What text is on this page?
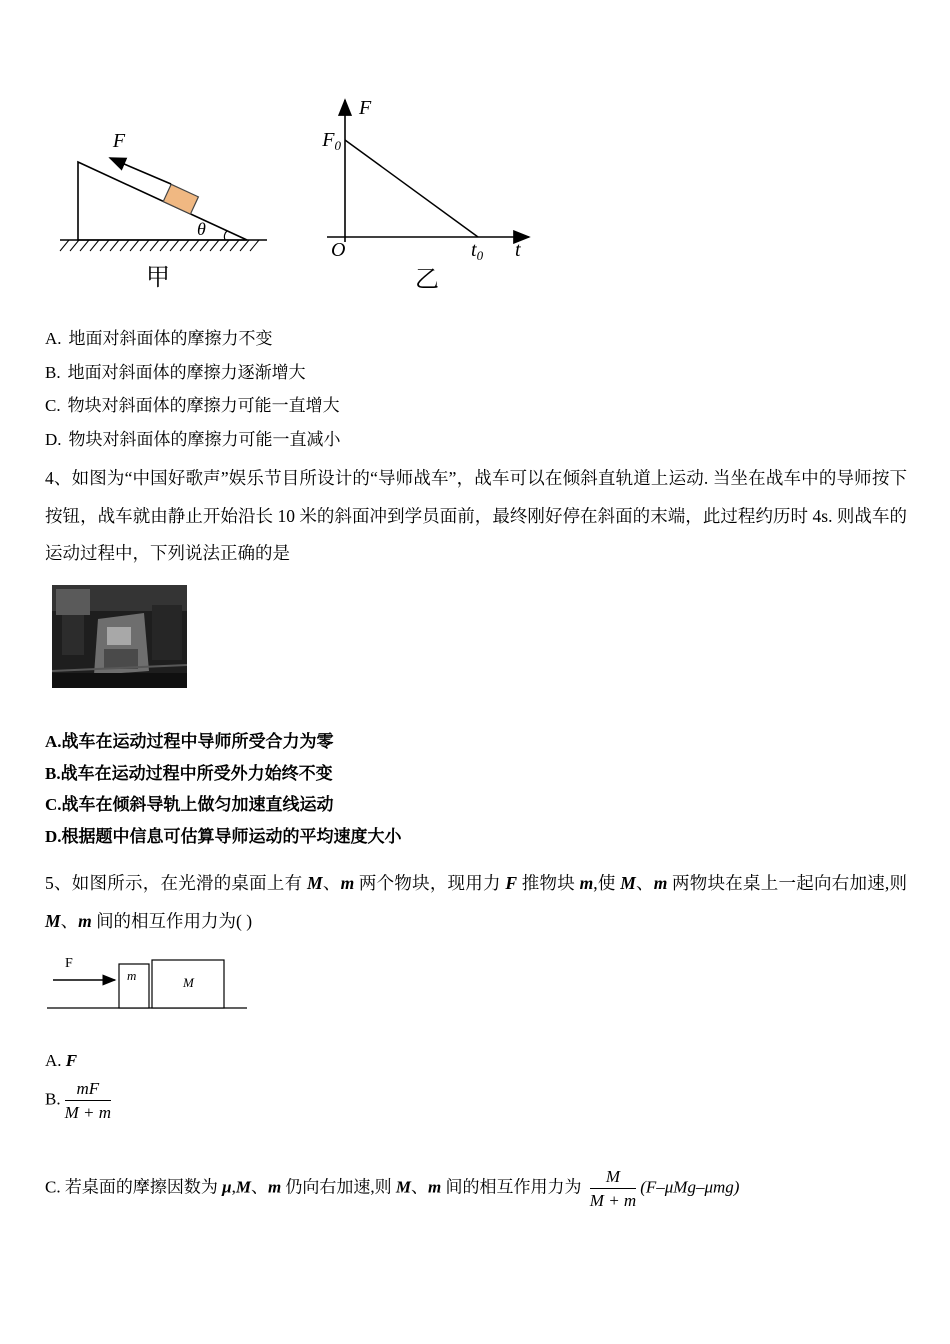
F
θ
甲
F
$F_0$
O	$t_0$ t
乙
A. 地面对斜面体的摩擦力不变
B. 地面对斜面体的摩擦力逐渐增大
C. 物块对斜面体的摩擦力可能一直增大
D. 物块对斜面体的摩擦力可能一直减小
4、如图为“中国好歌声”娱乐节目所设计的“导师战车”，战车可以在倾斜直轨道上运动. 当坐在战车中的导师按下按钮，战车就由静止开始沿长 10 米的斜面冲到学员面前，最终刚好停在斜面的末端，此过程约历时 4s. 则战车的运动过程中，下列说法正确的是
A.战车在运动过程中导师所受合力为零
B.战车在运动过程中所受外力始终不变
C.战车在倾斜导轨上做匀加速直线运动
D.根据题中信息可估算导师运动的平均速度大小
5、如图所示，在光滑的桌面上有 M、m 两个物块，现用力 F 推物块 m,使 M、m 两物块在桌上一起向右加速,则 M、m 间的相互作用力为( )
m	M
F
A. F
B. $\frac{mF}{M + m}$
C. 若桌面的摩擦因数为 μ,M、m 仍向右加速,则 M、m 间的相互作用力为 $\frac{M}{M + m} (F-\mu Mg-\mu mg)$
